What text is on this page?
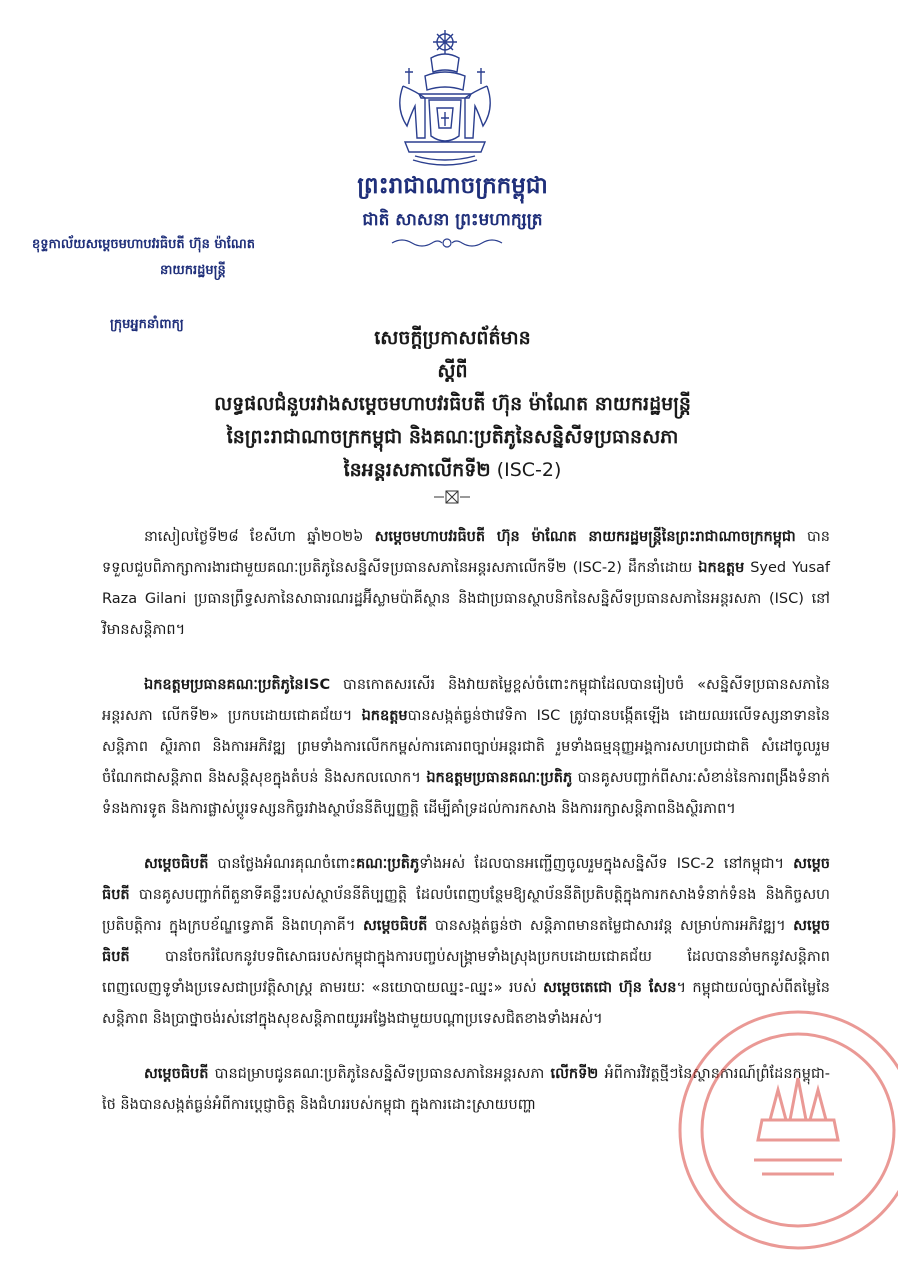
ព្រះរាជាណាចក្រកម្ពុជា
ជាតិ សាសនា ព្រះមហាក្សត្រ
ខុទ្ទកាល័យសម្តេចមហាបវរធិបតី ហ៊ុន ម៉ាណែត
នាយករដ្ឋមន្ត្រី
ក្រុមអ្នកនាំពាក្យ
សេចក្តីប្រកាសព័ត៌មាន
ស្តីពី
លទ្ធផលជំនួបរវាងសម្តេចមហាបវរធិបតី ហ៊ុន ម៉ាណែត នាយករដ្ឋមន្ត្រី
នៃព្រះរាជាណាចក្រកម្ពុជា និងគណៈប្រតិភូនៃសន្និសីទប្រធានសភា
នៃអន្តរសភាលើកទី២ (ISC-2)

នាសៀលថ្ងៃទី២៨ ខែសីហា ឆ្នាំ២០២៦ សម្តេចមហាបវរធិបតី ហ៊ុន ម៉ាណែត នាយករដ្ឋមន្ត្រីនៃព្រះរាជាណាចក្រកម្ពុជា បានទទួលជួបពិភាក្សាការងារជាមួយគណៈប្រតិភូនៃសន្និសីទប្រធានសភានៃអន្តរសភាលើកទី២ (ISC-2) ដឹកនាំដោយ ឯកឧត្តម Syed Yusaf Raza Gilani ប្រធានព្រឹទ្ធសភានៃសាធារណរដ្ឋអ៊ីស្លាមប៉ាគីស្ថាន និងជាប្រធានស្ថាបនិកនៃសន្និសីទប្រធានសភានៃអន្តរសភា (ISC) នៅវិមានសន្តិភាព។

ឯកឧត្តមប្រធានគណៈប្រតិភូនៃISC បានកោតសរសើរ និងវាយតម្លៃខ្ពស់ចំពោះកម្ពុជាដែលបានរៀបចំ «សន្និសីទប្រធានសភានៃអន្តរសភា លើកទី២» ប្រកបដោយជោគជ័យ។ ឯកឧត្តមបានសង្កត់ធ្ងន់ថាវេទិកា ISC ត្រូវបានបង្កើតឡើង ដោយឈរលើទស្សនាទាននៃសន្តិភាព ស្ថិរភាព និងការអភិវឌ្ឍ ព្រមទាំងការលើកកម្ពស់ការគោរពច្បាប់អន្តរជាតិ រួមទាំងធម្មនុញ្ញអង្គការសហប្រជាជាតិ សំដៅចូលរួមចំណែកជាសន្តិភាព និងសន្តិសុខក្នុងតំបន់ និងសកលលោក។ ឯកឧត្តមប្រធានគណៈប្រតិភូ បានគូសបញ្ជាក់ពីសារៈសំខាន់នៃការពង្រឹងទំនាក់ទំនងការទូត និងការផ្លាស់ប្តូរទស្សនកិច្ចរវាងស្ថាប័ននីតិប្បញ្ញត្តិ ដើម្បីគាំទ្រដល់ការកសាង និងការរក្សាសន្តិភាពនិងស្ថិរភាព។

សម្តេចធិបតី បានថ្លែងអំណរគុណចំពោះគណៈប្រតិភូទាំងអស់ ដែលបានអញ្ជើញចូលរួមក្នុងសន្និសីទ ISC-2 នៅកម្ពុជា។ សម្តេចធិបតី បានគូសបញ្ជាក់ពីតួនាទីគន្លឹះរបស់ស្ថាប័ននីតិប្បញ្ញត្តិ ដែលបំពេញបន្ថែមឱ្យស្ថាប័ននីតិប្រតិបត្តិក្នុងការកសាងទំនាក់ទំនង និងកិច្ចសហប្រតិបត្តិការ ក្នុងក្របខ័ណ្ឌទ្វេភាគី និងពហុភាគី។ សម្តេចធិបតី បានសង្កត់ធ្ងន់ថា សន្តិភាពមានតម្លៃជាសារវន្ត សម្រាប់ការអភិវឌ្ឍ។ សម្តេចធិបតី បានចែករំលែកនូវបទពិសោធរបស់កម្ពុជាក្នុងការបញ្ចប់សង្គ្រាមទាំងស្រុងប្រកបដោយជោគជ័យ ដែលបាននាំមកនូវសន្តិភាពពេញលេញទូទាំងប្រទេសជាប្រវត្តិសាស្ត្រ តាមរយៈ «នយោបាយឈ្នះ-ឈ្នះ» របស់ សម្តេចតេជោ ហ៊ុន សែន។ កម្ពុជាយល់ច្បាស់ពីតម្លៃនៃសន្តិភាព និងប្រាថ្នាចង់រស់នៅក្នុងសុខសន្តិភាពយូរអង្វែងជាមួយបណ្តាប្រទេសជិតខាងទាំងអស់។

សម្តេចធិបតី បានជម្រាបជូនគណៈប្រតិភូនៃសន្និសីទប្រធានសភានៃអន្តរសភា លើកទី២ អំពីការវិវត្តថ្មីៗនៃស្ថានការណ៍ព្រំដែនកម្ពុជា-ថៃ និងបានសង្កត់ធ្ងន់អំពីការប្តេជ្ញាចិត្ត និងជំហររបស់កម្ពុជា ក្នុងការដោះស្រាយបញ្ហា
